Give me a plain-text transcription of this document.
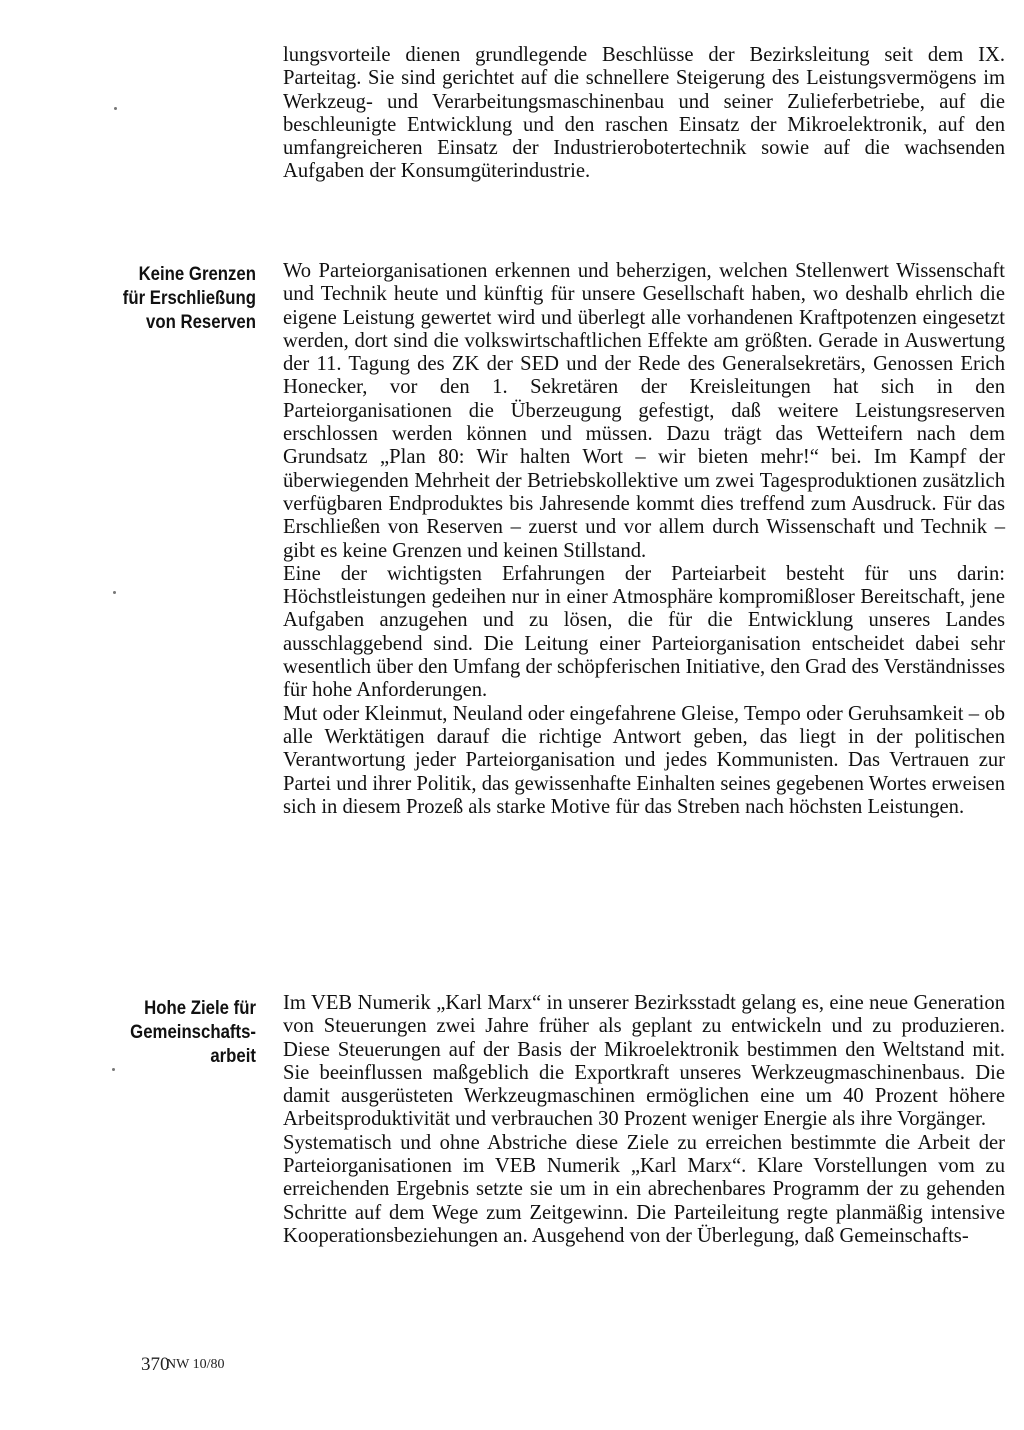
lungsvorteile dienen grundlegende Beschlüsse der Bezirksleitung seit dem IX. Parteitag. Sie sind gerichtet auf die schnellere Steigerung des Leistungsvermögens im Werkzeug- und Verarbeitungsmaschinenbau und seiner Zulieferbetriebe, auf die beschleunigte Entwicklung und den raschen Einsatz der Mikroelektronik, auf den umfangreicheren Einsatz der Industrierobotertechnik sowie auf die wachsenden Aufgaben der Konsumgüterindustrie.

Keine Grenzen
für Erschließung
von Reserven

Wo Parteiorganisationen erkennen und beherzigen, welchen Stellenwert Wissenschaft und Technik heute und künftig für unsere Gesellschaft haben, wo deshalb ehrlich die eigene Leistung gewertet wird und überlegt alle vorhandenen Kraftpotenzen eingesetzt werden, dort sind die volkswirtschaftlichen Effekte am größten. Gerade in Auswertung der 11. Tagung des ZK der SED und der Rede des Generalsekretärs, Genossen Erich Honecker, vor den 1. Sekretären der Kreisleitungen hat sich in den Parteiorganisationen die Überzeugung gefestigt, daß weitere Leistungsreserven erschlossen werden können und müssen. Dazu trägt das Wetteifern nach dem Grundsatz „Plan 80: Wir halten Wort – wir bieten mehr!“ bei. Im Kampf der überwiegenden Mehrheit der Betriebskollektive um zwei Tagesproduktionen zusätzlich verfügbaren Endproduktes bis Jahresende kommt dies treffend zum Ausdruck. Für das Erschließen von Reserven – zuerst und vor allem durch Wissenschaft und Technik – gibt es keine Grenzen und keinen Stillstand.

Eine der wichtigsten Erfahrungen der Parteiarbeit besteht für uns darin: Höchstleistungen gedeihen nur in einer Atmosphäre kompromißloser Bereitschaft, jene Aufgaben anzugehen und zu lösen, die für die Entwicklung unseres Landes ausschlaggebend sind. Die Leitung einer Parteiorganisation entscheidet dabei sehr wesentlich über den Umfang der schöpferischen Initiative, den Grad des Verständnisses für hohe Anforderungen.

Mut oder Kleinmut, Neuland oder eingefahrene Gleise, Tempo oder Geruhsamkeit – ob alle Werktätigen darauf die richtige Antwort geben, das liegt in der politischen Verantwortung jeder Parteiorganisation und jedes Kommunisten. Das Vertrauen zur Partei und ihrer Politik, das gewissenhafte Einhalten seines gegebenen Wortes erweisen sich in diesem Prozeß als starke Motive für das Streben nach höchsten Leistungen.

Hohe Ziele für
Gemeinschafts-
arbeit

Im VEB Numerik „Karl Marx“ in unserer Bezirksstadt gelang es, eine neue Generation von Steuerungen zwei Jahre früher als geplant zu entwickeln und zu produzieren. Diese Steuerungen auf der Basis der Mikroelektronik bestimmen den Weltstand mit. Sie beeinflussen maßgeblich die Exportkraft unseres Werkzeugmaschinenbaus. Die damit ausgerüsteten Werkzeugmaschinen ermöglichen eine um 40 Prozent höhere Arbeitsproduktivität und verbrauchen 30 Prozent weniger Energie als ihre Vorgänger.

Systematisch und ohne Abstriche diese Ziele zu erreichen bestimmte die Arbeit der Parteiorganisationen im VEB Numerik „Karl Marx“. Klare Vorstellungen vom zu erreichenden Ergebnis setzte sie um in ein abrechenbares Programm der zu gehenden Schritte auf dem Wege zum Zeitgewinn. Die Parteileitung regte planmäßig intensive Kooperationsbeziehungen an. Ausgehend von der Überlegung, daß Gemeinschafts-

370
NW 10/80
